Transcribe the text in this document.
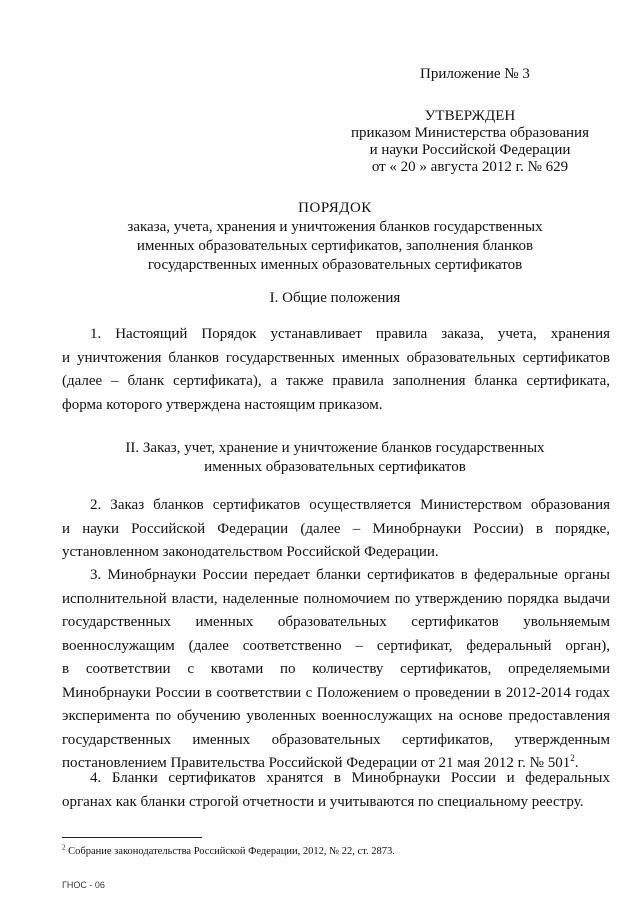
Приложение № 3
УТВЕРЖДЕН
приказом Министерства образования
и науки Российской Федерации
от « 20 » августа 2012 г. № 629
ПОРЯДОК
заказа, учета, хранения и уничтожения бланков государственных
именных образовательных сертификатов, заполнения бланков
государственных именных образовательных сертификатов
I. Общие положения
1. Настоящий Порядок устанавливает правила заказа, учета, хранения
и уничтожения бланков государственных именных образовательных сертификатов
(далее – бланк сертификата), а также правила заполнения бланка сертификата,
форма которого утверждена настоящим приказом.
II. Заказ, учет, хранение и уничтожение бланков государственных
именных образовательных сертификатов
2. Заказ бланков сертификатов осуществляется Министерством образования
и науки Российской Федерации (далее – Минобрнауки России) в порядке,
установленном законодательством Российской Федерации.
3. Минобрнауки России передает бланки сертификатов в федеральные органы
исполнительной власти, наделенные полномочием по утверждению порядка выдачи
государственных именных образовательных сертификатов увольняемым
военнослужащим (далее соответственно – сертификат, федеральный орган),
в соответствии с квотами по количеству сертификатов, определяемыми
Минобрнауки России в соответствии с Положением о проведении в 2012-2014 годах
эксперимента по обучению уволенных военнослужащих на основе предоставления
государственных именных образовательных сертификатов, утвержденным
постановлением Правительства Российской Федерации от 21 мая 2012 г. № $501^2$.
4. Бланки сертификатов хранятся в Минобрнауки России и федеральных
органах как бланки строгой отчетности и учитываются по специальному реестру.
$^2$ Собрание законодательства Российской Федерации, 2012, № 22, ст. 2873.
ГНОС - 06
